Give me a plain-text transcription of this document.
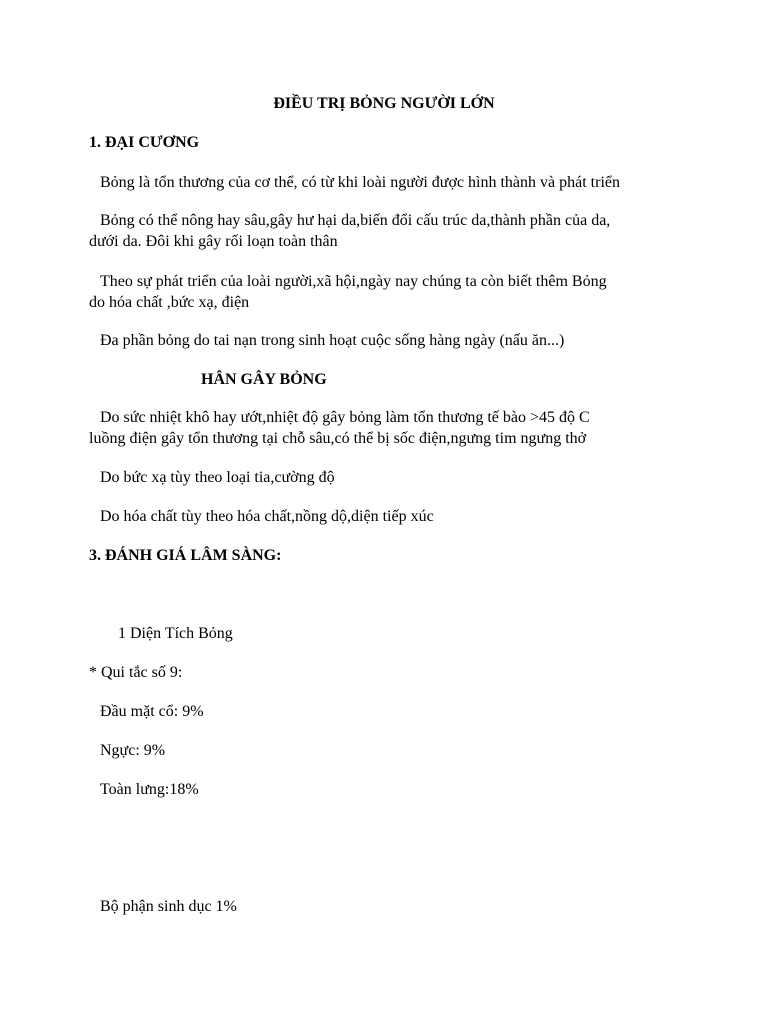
ĐIỀU TRỊ BỎNG NGƯỜI LỚN
1. ĐẠI CƯƠNG
Bỏng là tổn thương của cơ thể, có từ khi loài người được hình thành và phát triển
Bỏng có thể nông hay sâu,gây hư hại da,biến đổi cấu trúc da,thành phần của da,
dưới da. Đôi khi gây rối loạn toàn thân
Theo sự phát triển của loài người,xã hội,ngày nay chúng ta còn biết thêm Bỏng
do hóa chất ,bức xạ, điện
Đa phần bỏng do tai nạn trong sinh hoạt cuộc sống hàng ngày (nấu ăn...)
HÂN GÂY BỎNG
Do sức nhiệt khô hay ướt,nhiệt độ gây bỏng làm tổn thương tế bào >45 độ C
luồng điện gây tổn thương tại chỗ sâu,có thể bị sốc điện,ngưng tim ngưng thở
Do bức xạ tùy theo loại tia,cường độ
Do hóa chất tùy theo hóa chất,nồng dộ,diện tiếp xúc
3. ĐÁNH GIÁ LÂM SÀNG:
1 Diện Tích Bỏng
* Qui tắc số 9:
Đầu mặt cổ: 9%
Ngực: 9%
Toàn lưng:18%
Bộ phận sinh dục 1%
